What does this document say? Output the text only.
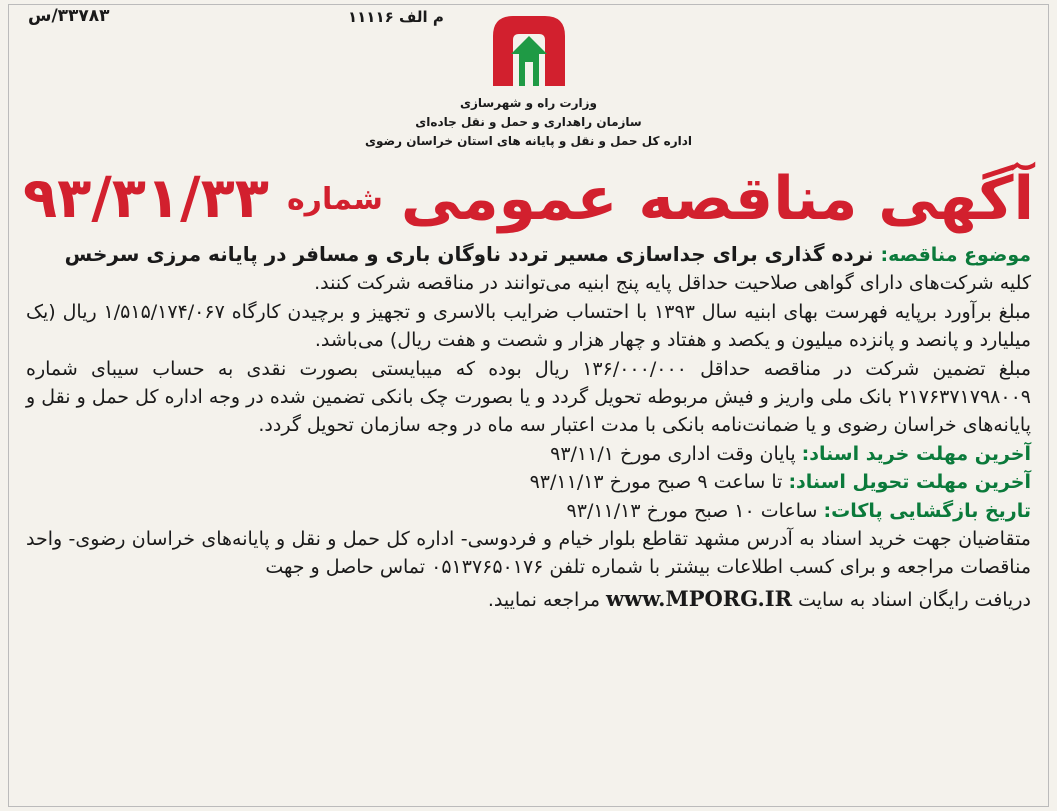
وزارت راه و شهرسازی
سازمان راهداری و حمل و نقل جاده‌ای
اداره کل حمل و نقل و پایانه های استان خراسان رضوی
آگهی مناقصه عمومی
شماره
۹۳/۳۱/۳۳

موضوع مناقصه: نرده گذاری برای جداسازی مسیر تردد ناوگان باری و مسافر در پایانه مرزی سرخس

کلیه شرکت‌های دارای گواهی صلاحیت حداقل پایه پنج ابنیه می‌توانند در مناقصه شرکت کنند.

مبلغ برآورد برپایه فهرست بهای ابنیه سال ۱۳۹۳ با احتساب ضرایب بالاسری و تجهیز و برچیدن کارگاه ۱/۵۱۵/۱۷۴/۰۶۷ ریال (یک میلیارد و پانصد و پانزده میلیون و یکصد و هفتاد و چهار هزار و شصت و هفت ریال) می‌باشد.

مبلغ تضمین شرکت در مناقصه حداقل ۱۳۶/۰۰۰/۰۰۰ ریال بوده که میبایستی بصورت نقدی به حساب سیبای شماره ۲۱۷۶۳۷۱۷۹۸۰۰۹ بانک ملی واریز و فیش مربوطه تحویل گردد و یا بصورت چک بانکی تضمین شده در وجه اداره کل حمل و نقل و پایانه‌های خراسان رضوی و یا ضمانت‌نامه بانکی با مدت اعتبار سه ماه در وجه سازمان تحویل گردد.

آخرین مهلت خرید اسناد: پایان وقت اداری مورخ ۹۳/۱۱/۱

آخرین مهلت تحویل اسناد: تا ساعت ۹ صبح مورخ ۹۳/۱۱/۱۳

تاریخ بازگشایی پاکات: ساعات ۱۰ صبح مورخ ۹۳/۱۱/۱۳

متقاضیان جهت خرید اسناد به آدرس مشهد تقاطع بلوار خیام و فردوسی- اداره کل حمل و نقل و پایانه‌های خراسان رضوی- واحد مناقصات مراجعه و برای کسب اطلاعات بیشتر با شماره تلفن ۰۵۱۳۷۶۵۰۱۷۶ تماس حاصل و جهت

دریافت رایگان اسناد به سایت www.MPORG.IR مراجعه نمایید.
م الف ۱۱۱۱۶
۳۳۷۸۳/س
